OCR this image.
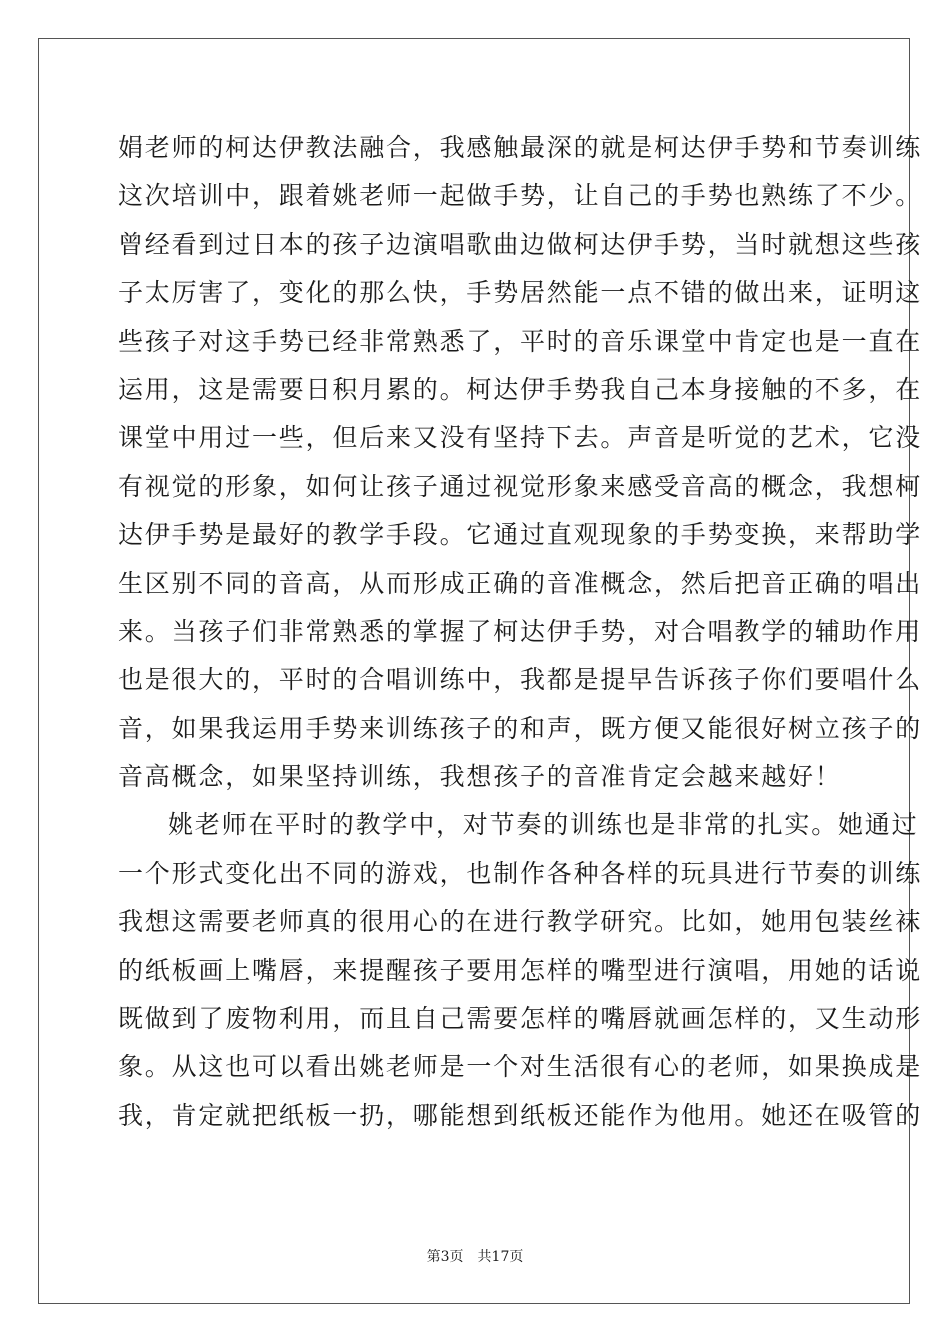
娟老师的柯达伊教法融合，我感触最深的就是柯达伊手势和节奏训练
这次培训中，跟着姚老师一起做手势，让自己的手势也熟练了不少。
曾经看到过日本的孩子边演唱歌曲边做柯达伊手势，当时就想这些孩
子太厉害了，变化的那么快，手势居然能一点不错的做出来，证明这
些孩子对这手势已经非常熟悉了，平时的音乐课堂中肯定也是一直在
运用，这是需要日积月累的。柯达伊手势我自己本身接触的不多，在
课堂中用过一些，但后来又没有坚持下去。声音是听觉的艺术，它没
有视觉的形象，如何让孩子通过视觉形象来感受音高的概念，我想柯
达伊手势是最好的教学手段。它通过直观现象的手势变换，来帮助学
生区别不同的音高，从而形成正确的音准概念，然后把音正确的唱出
来。当孩子们非常熟悉的掌握了柯达伊手势，对合唱教学的辅助作用
也是很大的，平时的合唱训练中，我都是提早告诉孩子你们要唱什么
音，如果我运用手势来训练孩子的和声，既方便又能很好树立孩子的
音高概念，如果坚持训练，我想孩子的音准肯定会越来越好！
姚老师在平时的教学中，对节奏的训练也是非常的扎实。她通过
一个形式变化出不同的游戏，也制作各种各样的玩具进行节奏的训练
我想这需要老师真的很用心的在进行教学研究。比如，她用包装丝袜
的纸板画上嘴唇，来提醒孩子要用怎样的嘴型进行演唱，用她的话说
既做到了废物利用，而且自己需要怎样的嘴唇就画怎样的，又生动形
象。从这也可以看出姚老师是一个对生活很有心的老师，如果换成是
我，肯定就把纸板一扔，哪能想到纸板还能作为他用。她还在吸管的
第3页　共17页
